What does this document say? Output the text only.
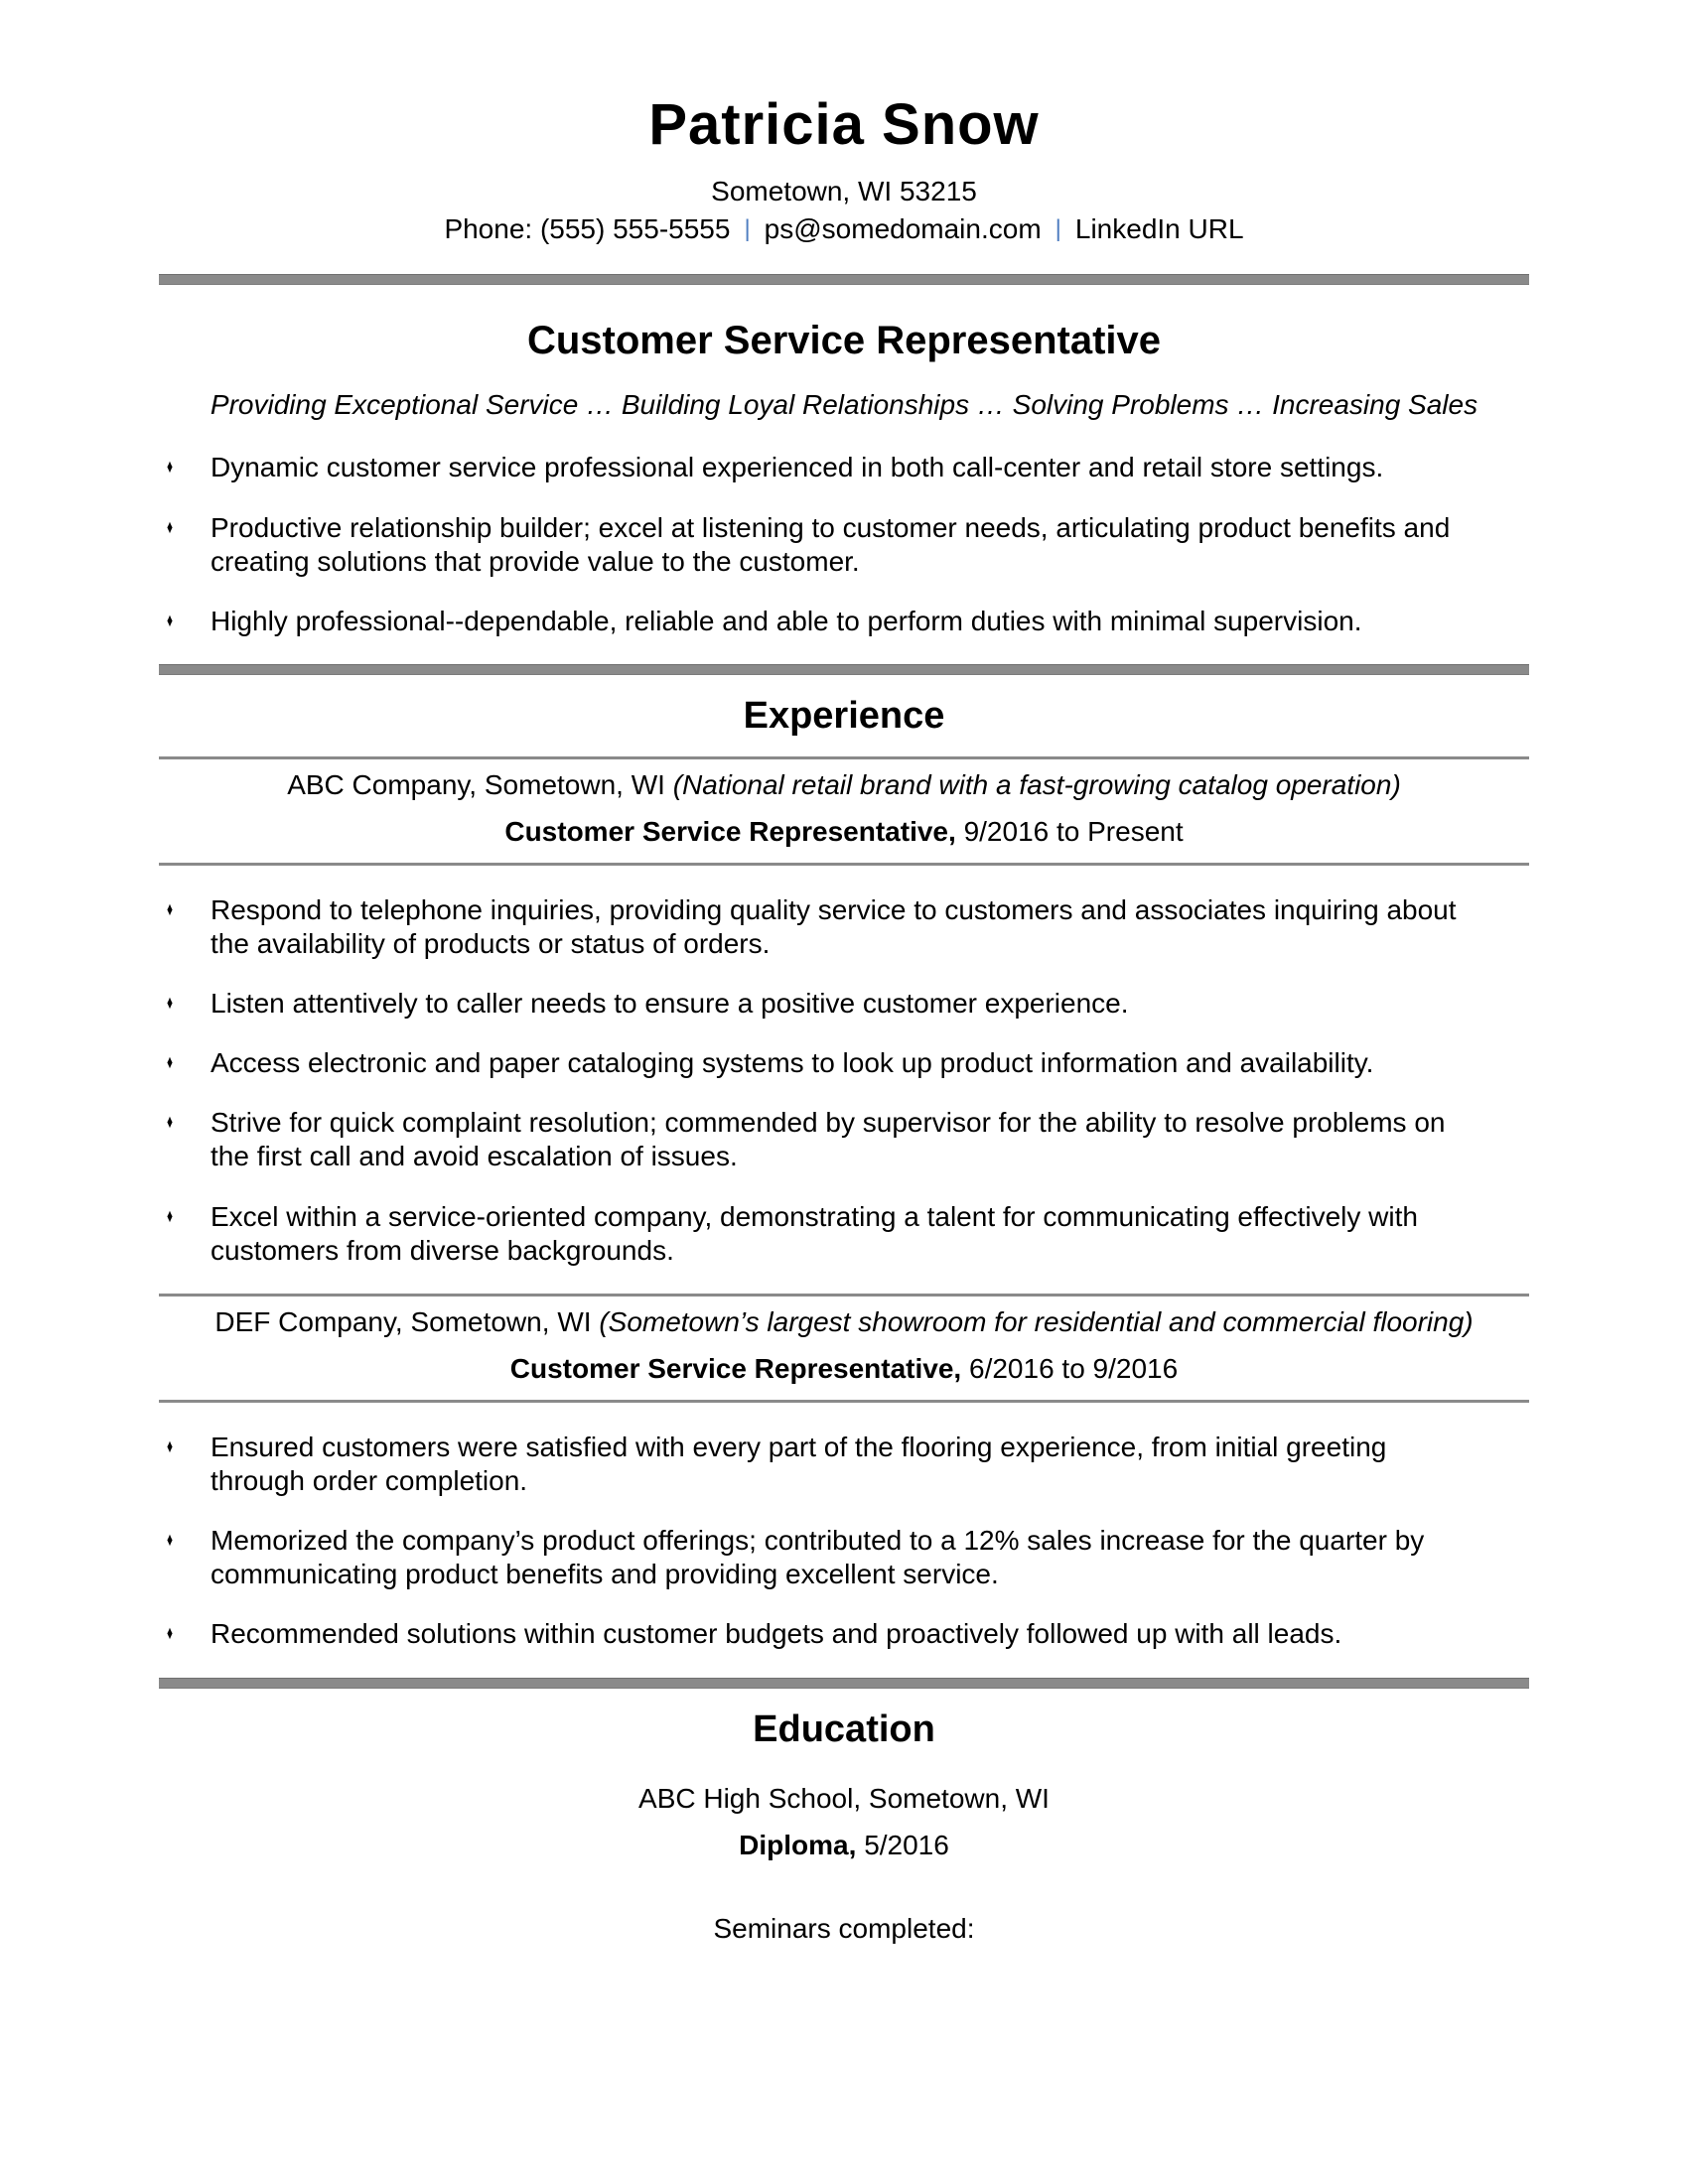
Patricia Snow

Sometown, WI 53215

Phone: (555) 555-5555 | ps@somedomain.com | LinkedIn URL

Customer Service Representative

Providing Exceptional Service … Building Loyal Relationships … Solving Problems … Increasing Sales

♦	Dynamic customer service professional experienced in both call-center and retail store settings.
♦	Productive relationship builder; excel at listening to customer needs, articulating product benefits and creating solutions that provide value to the customer.
♦	Highly professional--dependable, reliable and able to perform duties with minimal supervision.
Experience

ABC Company, Sometown, WI (National retail brand with a fast-growing catalog operation)

Customer Service Representative, 9/2016 to Present

♦	Respond to telephone inquiries, providing quality service to customers and associates inquiring about the availability of products or status of orders.
♦	Listen attentively to caller needs to ensure a positive customer experience.
♦	Access electronic and paper cataloging systems to look up product information and availability.
♦	Strive for quick complaint resolution; commended by supervisor for the ability to resolve problems on the first call and avoid escalation of issues.
♦	Excel within a service-oriented company, demonstrating a talent for communicating effectively with customers from diverse backgrounds.

DEF Company, Sometown, WI (Sometown’s largest showroom for residential and commercial flooring)

Customer Service Representative, 6/2016 to 9/2016

♦	Ensured customers were satisfied with every part of the flooring experience, from initial greeting through order completion.
♦	Memorized the company’s product offerings; contributed to a 12% sales increase for the quarter by communicating product benefits and providing excellent service.
♦	Recommended solutions within customer budgets and proactively followed up with all leads.
Education

ABC High School, Sometown, WI

Diploma, 5/2016

Seminars completed:
